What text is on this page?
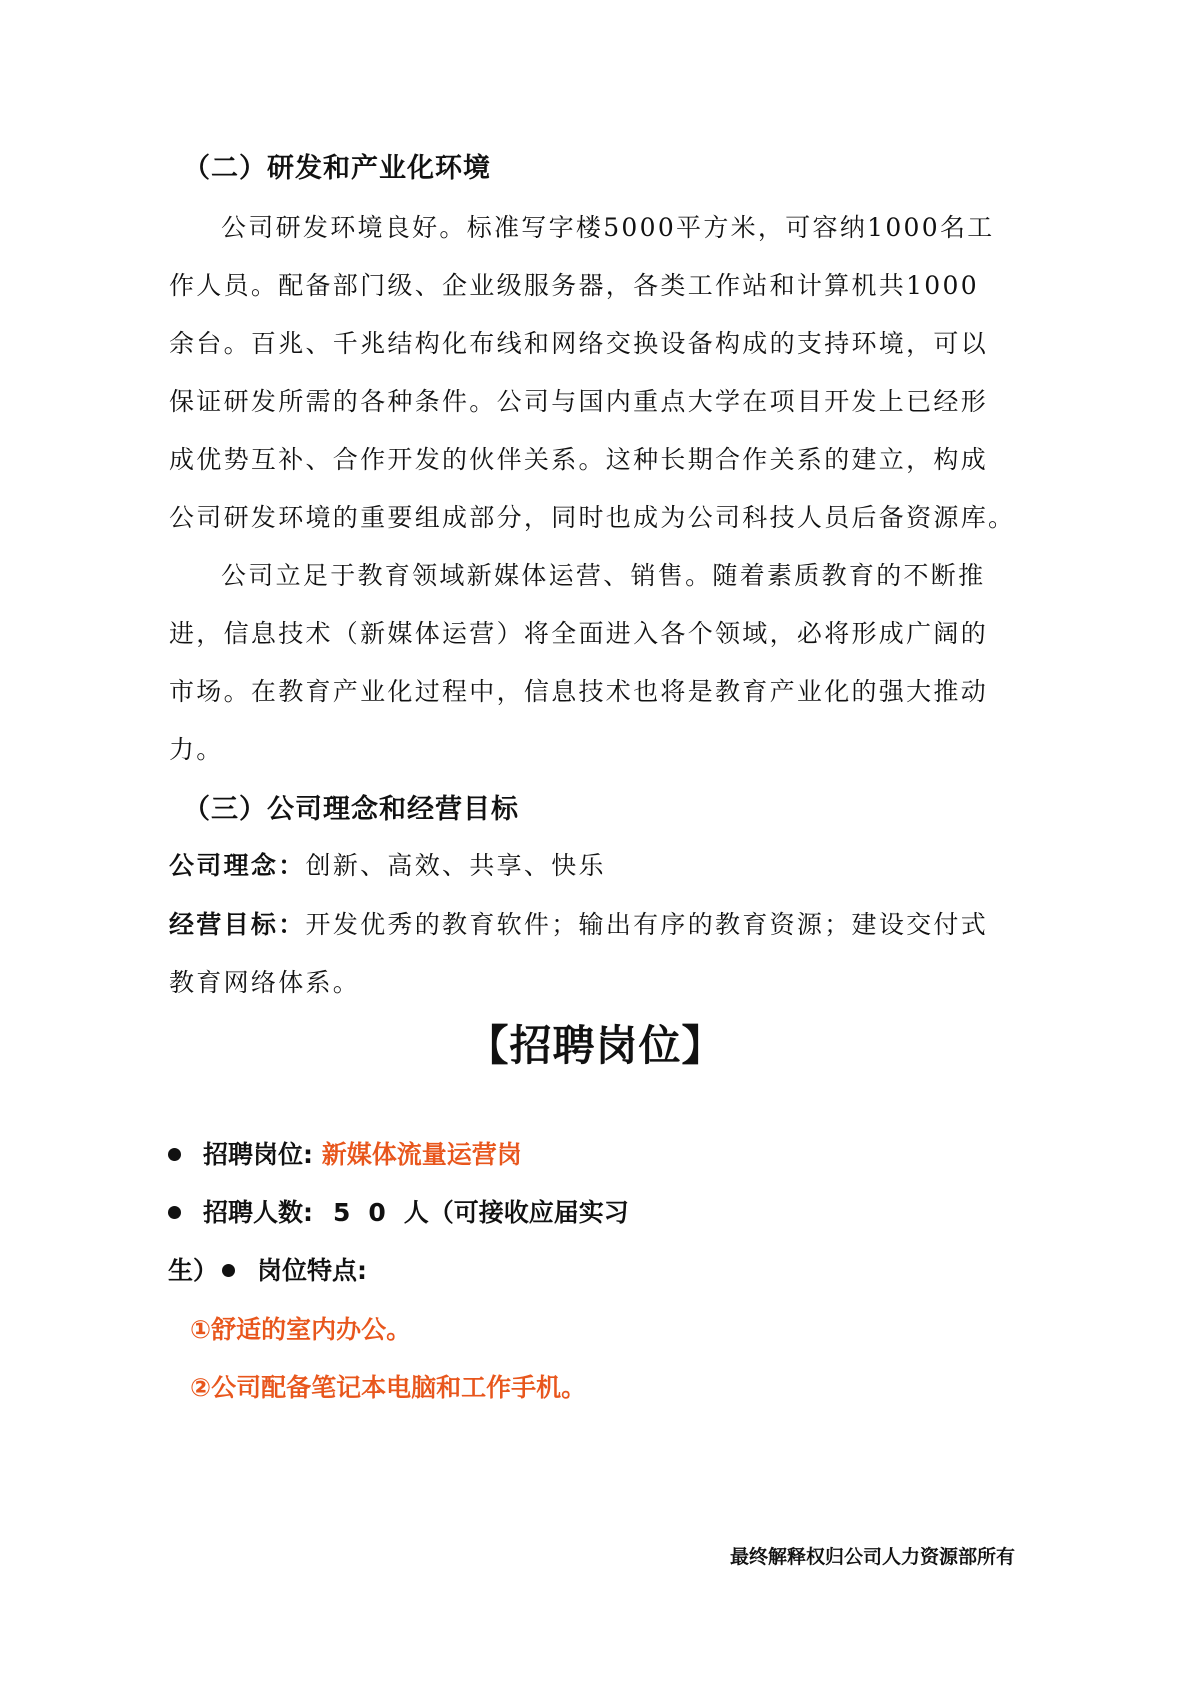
（二）研发和产业化环境
公司研发环境良好。标准写字楼5000平方米，可容纳1000名工
作人员。配备部门级、企业级服务器，各类工作站和计算机共1000
余台。百兆、千兆结构化布线和网络交换设备构成的支持环境，可以
保证研发所需的各种条件。公司与国内重点大学在项目开发上已经形
成优势互补、合作开发的伙伴关系。这种长期合作关系的建立，构成
公司研发环境的重要组成部分，同时也成为公司科技人员后备资源库。
公司立足于教育领域新媒体运营、销售。随着素质教育的不断推
进，信息技术（新媒体运营）将全面进入各个领域，必将形成广阔的
市场。在教育产业化过程中，信息技术也将是教育产业化的强大推动
力。
（三）公司理念和经营目标
公司理念：创新、高效、共享、快乐
经营目标：开发优秀的教育软件；输出有序的教育资源；建设交付式
教育网络体系。
【招聘岗位】
招聘岗位: 新媒体流量运营岗
招聘人数: 50人（可接收应届实习
生） 岗位特点:
①舒适的室内办公。
②公司配备笔记本电脑和工作手机。
最终解释权归公司人力资源部所有
